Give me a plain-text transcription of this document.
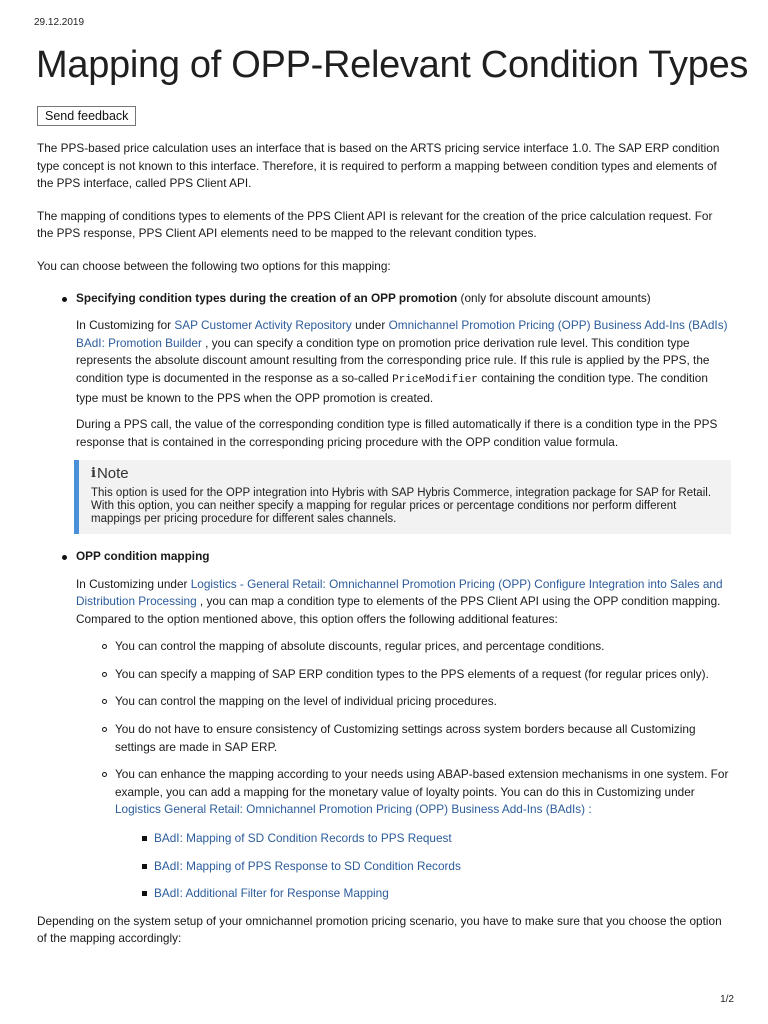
29.12.2019
Mapping of OPP-Relevant Condition Types
Send feedback

The PPS-based price calculation uses an interface that is based on the ARTS pricing service interface 1.0. The SAP ERP condition type concept is not known to this interface. Therefore, it is required to perform a mapping between condition types and elements of the PPS interface, called PPS Client API.

The mapping of conditions types to elements of the PPS Client API is relevant for the creation of the price calculation request. For the PPS response, PPS Client API elements need to be mapped to the relevant condition types.

You can choose between the following two options for this mapping:

Specifying condition types during the creation of an OPP promotion (only for absolute discount amounts)

In Customizing for SAP Customer Activity Repository under Omnichannel Promotion Pricing (OPP) Business Add-Ins (BAdIs) BAdI: Promotion Builder , you can specify a condition type on promotion price derivation rule level. This condition type represents the absolute discount amount resulting from the corresponding price rule. If this rule is applied by the PPS, the condition type is documented in the response as a so-called PriceModifier containing the condition type. The condition type must be known to the PPS when the OPP promotion is created.

During a PPS call, the value of the corresponding condition type is filled automatically if there is a condition type in the PPS response that is contained in the corresponding pricing procedure with the OPP condition value formula.

i Note
This option is used for the OPP integration into Hybris with SAP Hybris Commerce, integration package for SAP for Retail. With this option, you can neither specify a mapping for regular prices or percentage conditions nor perform different mappings per pricing procedure for different sales channels.
OPP condition mapping

In Customizing under Logistics - General Retail: Omnichannel Promotion Pricing (OPP) Configure Integration into Sales and Distribution Processing , you can map a condition type to elements of the PPS Client API using the OPP condition mapping. Compared to the option mentioned above, this option offers the following additional features:

You can control the mapping of absolute discounts, regular prices, and percentage conditions.
You can specify a mapping of SAP ERP condition types to the PPS elements of a request (for regular prices only).
You can control the mapping on the level of individual pricing procedures.
You do not have to ensure consistency of Customizing settings across system borders because all Customizing settings are made in SAP ERP.
You can enhance the mapping according to your needs using ABAP-based extension mechanisms in one system. For example, you can add a mapping for the monetary value of loyalty points. You can do this in Customizing under Logistics General Retail: Omnichannel Promotion Pricing (OPP) Business Add-Ins (BAdIs) :
BAdI: Mapping of SD Condition Records to PPS Request
BAdI: Mapping of PPS Response to SD Condition Records
BAdI: Additional Filter for Response Mapping

Depending on the system setup of your omnichannel promotion pricing scenario, you have to make sure that you choose the option of the mapping accordingly:

1/2
